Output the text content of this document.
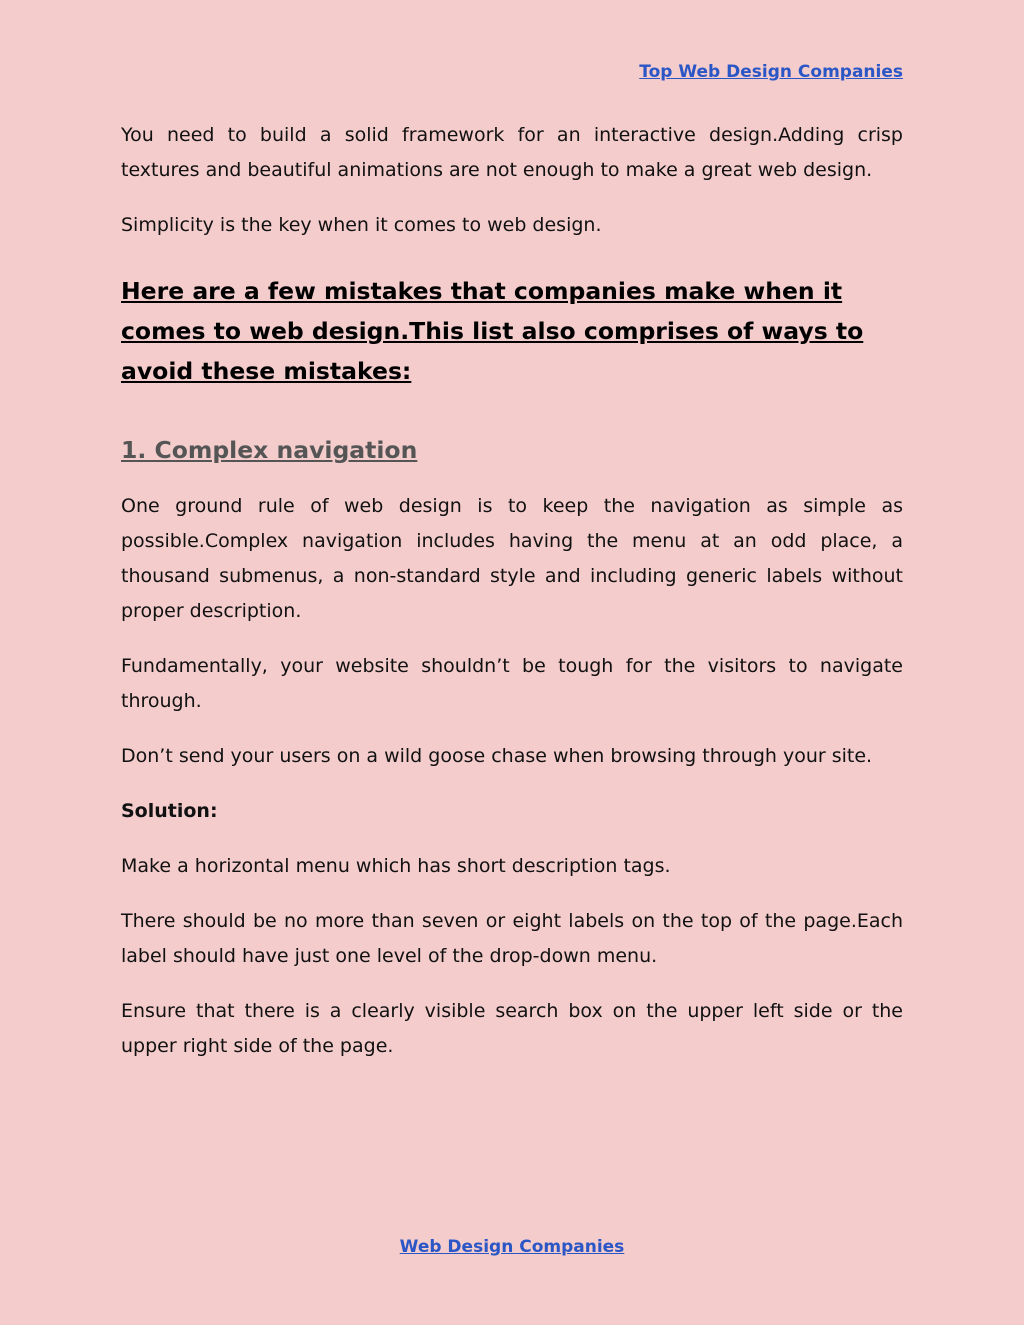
Top Web Design Companies

You need to build a solid framework for an interactive design.Adding crisp textures and beautiful animations are not enough to make a great web design.

Simplicity is the key when it comes to web design.

Here are a few mistakes that companies make when it comes to web design.This list also comprises of ways to avoid these mistakes:
1. Complex navigation

One ground rule of web design is to keep the navigation as simple as possible.Complex navigation includes having the menu at an odd place, a thousand submenus, a non-standard style and including generic labels without proper description.

Fundamentally, your website shouldn’t be tough for the visitors to navigate through.

Don’t send your users on a wild goose chase when browsing through your site.

Solution:

Make a horizontal menu which has short description tags.

There should be no more than seven or eight labels on the top of the page.Each label should have just one level of the drop-down menu.

Ensure that there is a clearly visible search box on the upper left side or the upper right side of the page.

Web Design Companies
